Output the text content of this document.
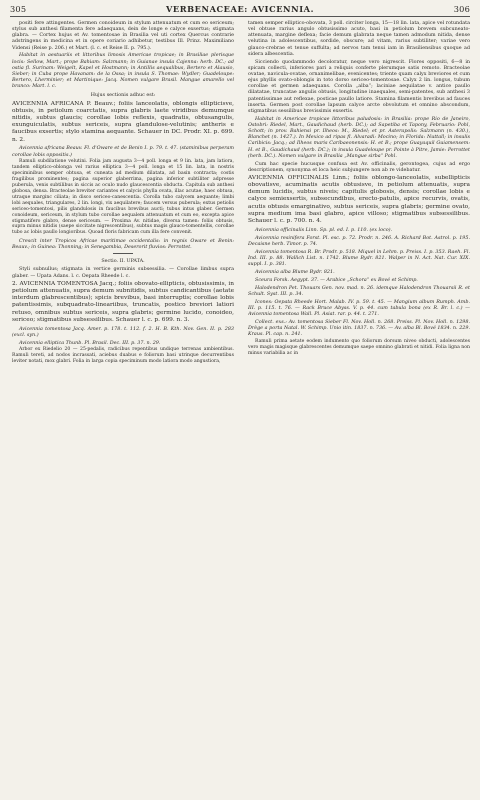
305	VERBENACEAE: AVICENNIA.	306

positi fere attingentes. Germen conoideum in stylum attenuatum et cum eo sericeum; stylus sub anthesi filamenta fere adaequans, dein de longe e calyce exsertus; stigmata glabra. — Cortex hujus et Av. tomentosae in Brasilia vel uti cortex Quercus contrarie adstringens in medicina et in opere coriario adhibetur, testibus Ill. Prinz. Maximiliano Vidensi (Reise p. 206.) et Mart. (l. c. et Reise II. p. 795.).

Habitat in aestuariis et littoribus limosis Americae tropicae; in Brasiliae plerisque locis: Sellow, Mart.; prope Bahiam: Salzmann; in Guianae insula Cajenna: herb. DC.; ad ostia fl. Surinam: Weigelt, Kapel et Hostmann; in Antillis aequalibus, Bertero et Alausio, Sieber; in Cuba prope Havanam: de la Ossa; in insula S. Thomae: Wydler; Guadeloupe: Bertero, Lherminier; et Martinique: Jacq. Nomen vulgare Brasil. Mangue amarello vel branco: Mart. l. c.

Hujus sectionis adhuc est:

AVICENNIA AFRICANA P. Beauv.; foliis lanceolatis, oblongis ellipticisve, obtusis, in petiolum coarctatis, supra glabris laete viridibus demumque nitidis, subtus glaucis; corollae lobis reflexis, quadratis, obtusangulis, exunguiculatis, subtus sericeis, supra glandulose-velutinis; antheris e faucibus exsertis; stylo stamina aequante. Schauer in DC. Prodr. XI. p. 699. n. 2.

Avicennia africana Beauv. Fl. d'Oware et de Benin I. p. 79. t. 47. (staminibus perperam corollae lobis oppositis.)

Ramuli subdilatione velutini. Folia jam augusta 3—4 poll. longa et 9 lin. lata, jam latiora, tandem elliptico-oblonga vel rarius elliptica 3—4 poll. longa et 15 lin. lata, in nostris speciminibus semper obtusa, et cuneata ad medium dilatata, ad basin contracta; costis fragilibus prominentes; pagina superior glaberrima, pagina inferior subtiliter adpresse puberula, venis subtilibus in siccis ac oculo nudo glaucescentia obducta. Capitula sub anthesi globosa, densa. Bracteolae breviter cariantes et calycis phylla ovata, illac acutae, haec obtusa, utraque marginc ciliata; in disco sericeo-canescentia. Corolla tubo calycem aequante; limbi lobi aequales, triangulares, 2 lin. longi, vix aequilatere; faucem versus puberula; extus petiolis sericeo-tomentosi, pilis glandulosis in faucibus brevibus aucti; tubus intus glaber. Germen conoideum, sericeum, in stylum tubo corollae aequalem attenuatum et cum eo, excepta apice stigmatifero glabro, dense sericeum. — Proxima Av. nitidae, diversa tamen: foliis obtusis, supra minus nitidis (saepe siccitate nigrescentibus), subtus magis glauco-tomentellis, corollae tubo ac lobis paullo longioribus. Quoad floris fabricam cum illa fere convenit.

Crescit inter Tropicos Africae maritimae occidentalis: in regnis Oware et Benin: Beauv.; in Guinea: Thonning; in Senegambia, Deserorit fluvios: Perrottet.

Sectio. II. UPATA.

Styli subnullus; stigmata in vertice germinis subsessilia. — Corollae limbus supra glaber. — Upata Adans. l. c. Oepata Rheede l. c.

2. AVICENNIA TOMENTOSA Jacq.; foliis obovato-ellipticis, obtusissimis, in petiolum attenuatis, supra demum subnitidis, subtus candicantibus (aetate interdum glabrescentibus); spicis brevibus, basi interruptis; corollae lobis patentissimis, subquadrato-lineariibus, truncatis, postico breviori latiori retuso, omnibus subtus sericeis, supra glabris; germine lucido, conoideo, sericeo; stigmatibus subsessilibus. Schauer l. c. p. 699. n. 3.

Avicennia tomentosa Jacq. Amer. p. 178. t. 112. f. 2. H. B. Kth. Nov. Gen. II. p. 283 (excl. syn.)

Avicennia elliptica Thunb. Pl. Brasil. Dec. III. p. 37. n. 29.

Arbor ex Riedelio 20 — 25-pedalis, radicibus repentibus undique terrenas ambientibus. Ramuli tereti, ad nodos incrassati, aciebus duabus e foliorum basi utrinque decurrentibus leviter notati, mox glabri. Folia in larga copia speciminum modo latiora modo angustiora,

tamen semper elliptico-obovata, 3 poll. circiter longa, 15—18 lin. lata, apice vel rotundata vel obtuse rarius angulo obtusissimo acuto, basi in petiolum brevem subcuneato-attenuata, margine deflexa; facie demum glabrata neque tamen admodum nitida, dense velutina in adolescentibus, sordide, obscure; ad vitam, rarius subtiliter; variae vero glauco-crebrae et tenue suffulta; ad nervos tam tenui iam in Brasiliensibus quoque ad sidera albescentia.

Sicciendo quodammodo decoloratur, neque vero nigrescit. Flores oppositi, 6—8 in spicam collecti, inferiores pari a reliquis conferte plerumque satis remoto. Bracteolae ovatae, navicula-ovatae, ornanimelibae, evenicentes; triente quam calyx breviores et cum ejus phyllis ovato-oblongis in toto dorso sericeo-tomentosae. Calyx 2 lin. longus, tubum corollae et germen adaequans. Corolla „alba“; laciniae aequilatae v. antice paullo dilatatae, truncatae angulis obtusis, longitudine inaequales, semi-patentes, sub anthesi 3 patentissimae aut reflexae, posticae paullo latiore. Stamina filamentis brevibus ad fauces inserta. Germen post corollae lapsum calyce arcte obvolutum et omnino abscondum, stigmatibus sessilibus brevissimis exsertis.

Habitat in Americae tropicae littoribus paludosis: in Brasilia: prope Rio de Janeiro, Ostobri: Riedel, Mart., Gaudichaud (herb. DC.); ad Sapetiba et Tapony, Februario: Pohl, Schott; in prov. Bahiensi pr. Ilheos: M., Riedel; et pr. Asterapolis: Salzmann (n. 430.), Blanchet (n. 1427.). In Mexico ad ripas fl. Alvaradi: Mocino; in Florida: Nuttall; in insulis Caribicis: Jacq.; ad Ilheos maris Caribaeonensis: H. et B.; prope Guayaquil Guiamensem: H. et B., Gaudichaud (herb. DC.); in insula Guadeloupe pr. Pointe à Pitre, Jamie: Perrottet (herb. DC.). Nomen vulgare in Brasilia „Mangue sirba“ Pohl.

Cum hac specie hucusque confusa est Av. officinalis, gerontogea, cujus ad ergo descriptionem, synonyma et loca heic subjungere non ab re videbatur.

AVICENNIA OFFICINALIS Linn.; foliis oblongo-lanceolatis, subellipticis obovatisve, acuminatis acutis obtusisve, in petiolum attenuatis, supra demum lucidis, subtus niveis; capitulis globosis, densis; corollae lobis e calyce semiexsertis, subsecundibus, erecto-patulis, apice recurvis, ovatis, acutis obtusis emarginativo, subtus sericeis, supra glabris; germine ovato, supra medium ima basi glabro, apice villoso; stigmatibus subsessilibus. Schauer l. c. p. 700. n. 4.

Avicennia officinalis Linn. Sp. pl. ed. I. p. 110. (ex loco).

Avicennia resinifera Forst. Pl. esc. p. 72. Prodr. n. 246. A. Richard Bot. Astrol. p. 195. Decaisne herb. Timor. p. 74.

Avicennia tomentosa R. Br. Prodr. p. 518. Miquel in Lehm. p. Preiss. I. p. 353. Raeh. Fl. Ind. III. p. 88. Wallich List. n. 1742. Blume Bydr. 821. Walper in N. Act. Nat. Cur. XIX. suppl. I. p. 381.

Avicennia alba Blume Bydr. 821.

Sceura Forsk. Aegypt. 37. — Arabice „Schora“ ex Bové et Schimp.

Halodendron Pet. Thouars Gen. nov. mad. n. 26. idemque Halodendron Thouarsii R. et Schult. Syst. III. p. 34.

Icones: Oepata Rheede Hort. Malab. IV. p. 59. t. 45. — Mangium album Rumph. Amb. III. p. 115. t. 76. — Rack Bruce Abyss. V. p. 44. cum tabula bona (ex R. Br. l. c.) — Avicennia tomentosa Wall. Pl. Asiat. rar. p. 44. t. 271.

Collect. exs.: Av. tomentosa Sieber Fl. Nov. Holl. n. 268. Preiss. Pl. Nov. Holl. n. 1298. Drège a porta Natal. W. Schimp. Unio itin. 1837. n. 736. — Av. alba Bl. Bové 1834. n. 229. Kraus. Pl. cap. n. 241.

Ramuli prima aetate eodem indumento quo foliorum dorsum niveo obducti, adolescentes vero magis magisque glabrescentes demumque saepe omnino glabrati et nitidi. Folia ligna non minus variabilia ac in
